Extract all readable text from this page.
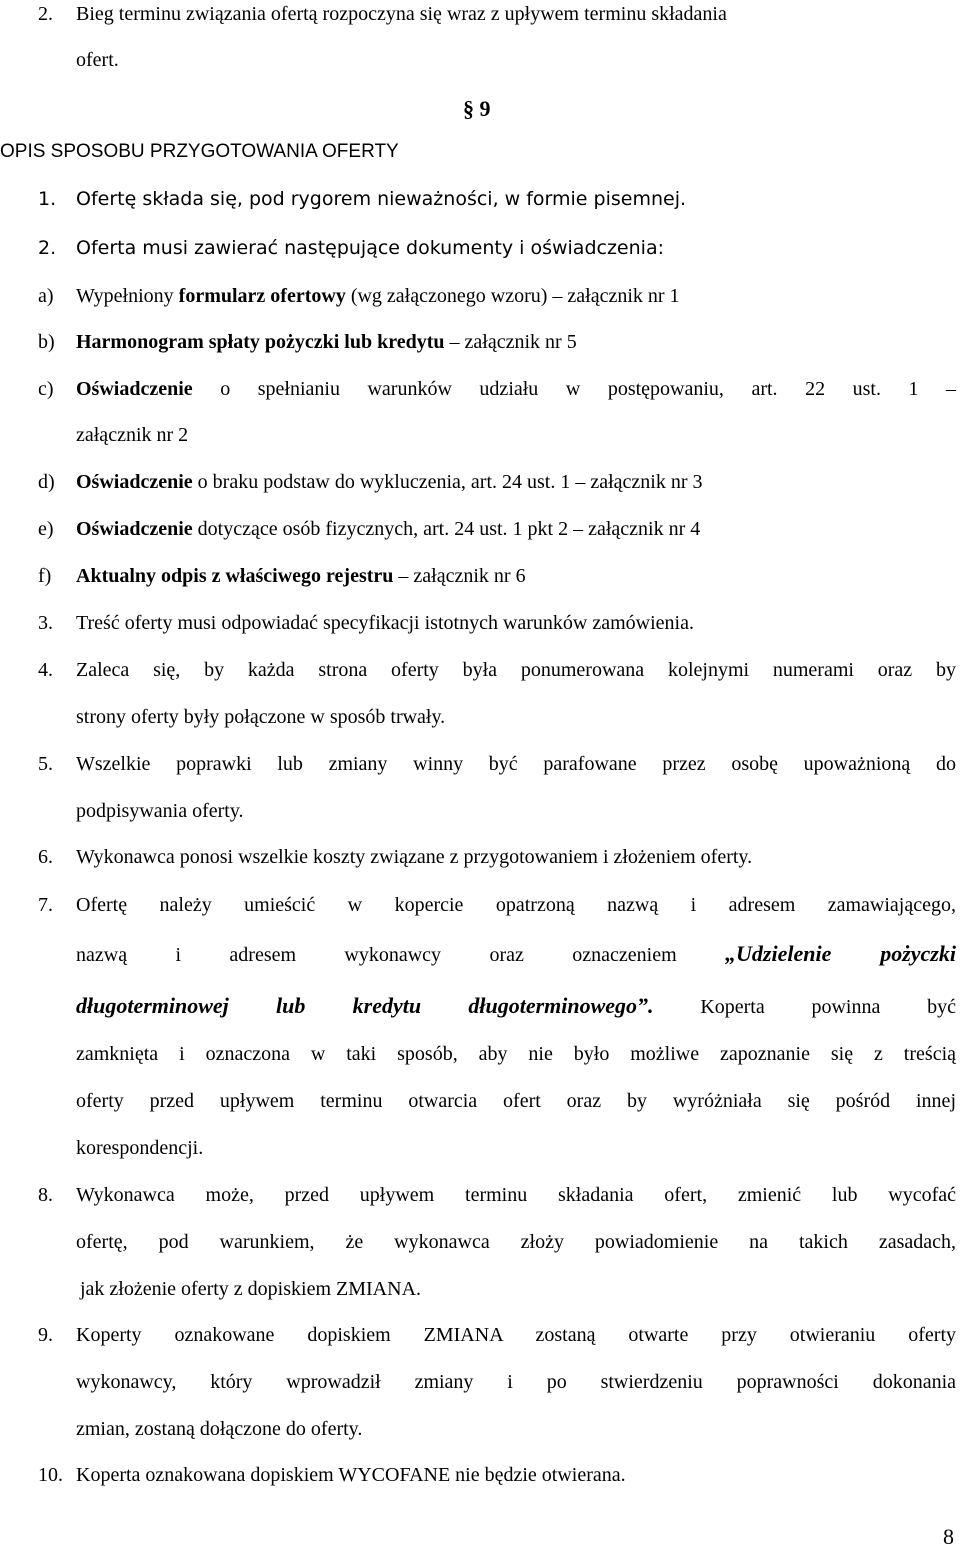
2. Bieg terminu związania ofertą rozpoczyna się wraz z upływem terminu składania
ofert.
§ 9
OPIS SPOSOBU PRZYGOTOWANIA OFERTY
1. Ofertę składa się, pod rygorem nieważności, w formie pisemnej.
2. Oferta musi zawierać następujące dokumenty i oświadczenia:
a) Wypełniony formularz ofertowy (wg załączonego wzoru) – załącznik nr 1
b) Harmonogram spłaty pożyczki lub kredytu – załącznik nr 5
c) Oświadczenie o spełnianiu warunków udziału w postępowaniu, art. 22 ust. 1 –
załącznik nr 2
d) Oświadczenie o braku podstaw do wykluczenia, art. 24 ust. 1 – załącznik nr 3
e) Oświadczenie dotyczące osób fizycznych, art. 24 ust. 1 pkt 2 – załącznik nr 4
f) Aktualny odpis z właściwego rejestru – załącznik nr 6
3. Treść oferty musi odpowiadać specyfikacji istotnych warunków zamówienia.
4. Zaleca się, by każda strona oferty była ponumerowana kolejnymi numerami oraz by
strony oferty były połączone w sposób trwały.
5. Wszelkie poprawki lub zmiany winny być parafowane przez osobę upoważnioną do
podpisywania oferty.
6. Wykonawca ponosi wszelkie koszty związane z przygotowaniem i złożeniem oferty.
7. Ofertę należy umieścić w kopercie opatrzoną nazwą i adresem zamawiającego,
nazwą i adresem wykonawcy oraz oznaczeniem „Udzielenie pożyczki
długoterminowej lub kredytu długoterminowego”. Koperta powinna być
zamknięta i oznaczona w taki sposób, aby nie było możliwe zapoznanie się z treścią
oferty przed upływem terminu otwarcia ofert oraz by wyróżniała się pośród innej
korespondencji.
8. Wykonawca może, przed upływem terminu składania ofert, zmienić lub wycofać
ofertę, pod warunkiem, że wykonawca złoży powiadomienie na takich zasadach,
jak złożenie oferty z dopiskiem ZMIANA.
9. Koperty oznakowane dopiskiem ZMIANA zostaną otwarte przy otwieraniu oferty
wykonawcy, który wprowadził zmiany i po stwierdzeniu poprawności dokonania
zmian, zostaną dołączone do oferty.
10. Koperta oznakowana dopiskiem WYCOFANE nie będzie otwierana.
8
